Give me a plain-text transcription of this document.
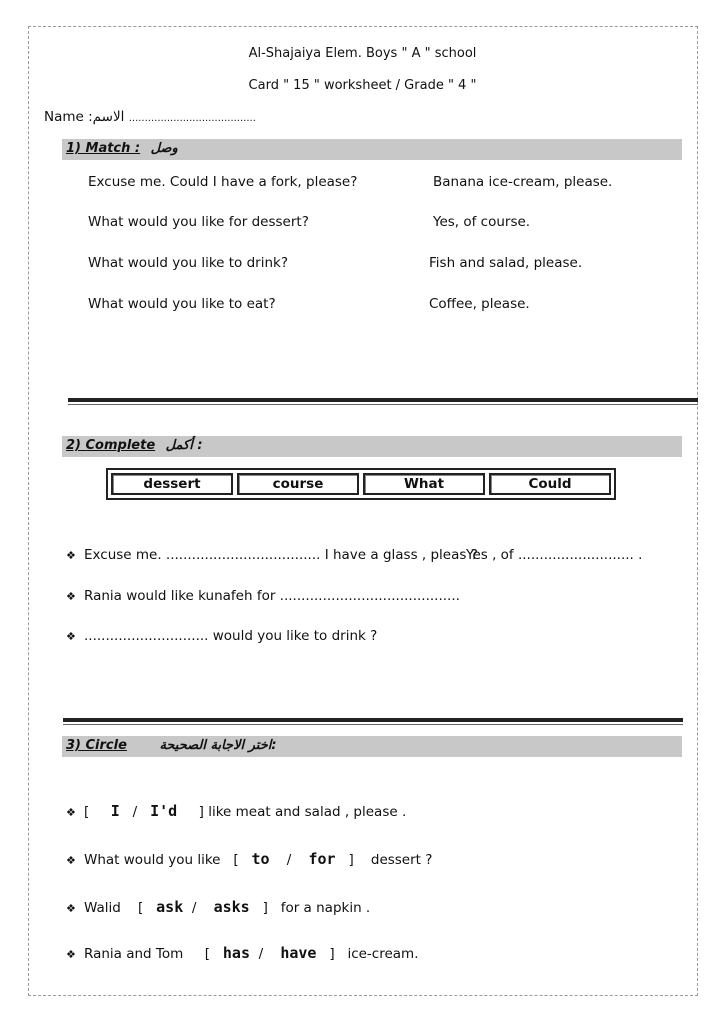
Al-Shajaiya Elem. Boys " A " school
Card " 15 " worksheet / Grade " 4 "
Name :الاسم ........................................
1) Match : وصل
Excuse me. Could I have a fork, please?
What would you like for dessert?
What would you like to drink?
What would you like to eat?
Banana ice-cream, please.
Yes, of course.
Fish and salad, please.
Coffee, please.
2) Complete أكمل :
dessert	course	What	Could
❖ Excuse me. .................................... I have a glass , pleas ?
Yes , of ........................... .
❖ Rania would like kunafeh for ..........................................
❖ ............................. would you like to drink ?
3) Circle	اختر الاجابة الصحيحة:
❖ [ I / I'd ] like meat and salad , please .
❖ What would you like   [ to / for ]    dessert ?
❖ Walid    [ ask / asks ]   for a napkin .
❖ Rania and Tom     [ has / have ]   ice-cream.
